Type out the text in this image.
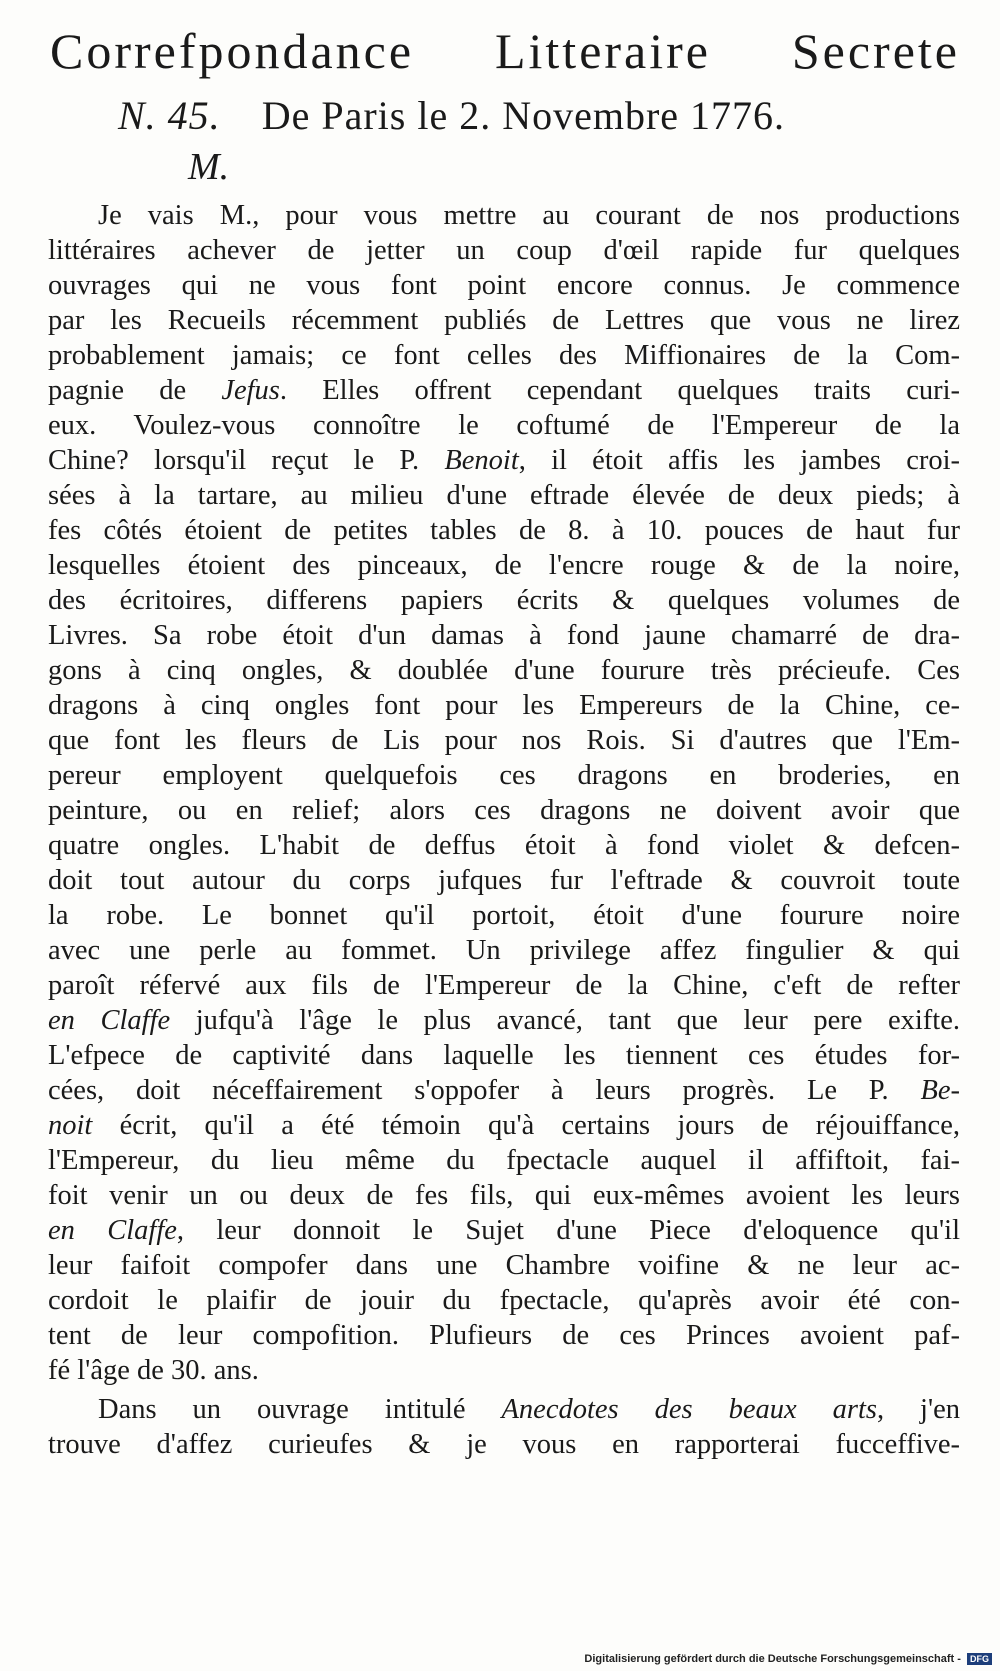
Correfpondance Litteraire Secrete
N. 45. De Paris le 2. Novembre 1776.
M.
Je vais M., pour vous mettre au courant de nos productions
littéraires achever de jetter un coup d'œil rapide fur quelques
ouvrages qui ne vous font point encore connus. Je commence
par les Recueils récemment publiés de Lettres que vous ne lirez
probablement jamais; ce font celles des Miffionaires de la Com-
pagnie de Jefus. Elles offrent cependant quelques traits curi-
eux. Voulez-vous connoître le coftumé de l'Empereur de la
Chine? lorsqu'il reçut le P. Benoit, il étoit affis les jambes croi-
sées à la tartare, au milieu d'une eftrade élevée de deux pieds; à
fes côtés étoient de petites tables de 8. à 10. pouces de haut fur
lesquelles étoient des pinceaux, de l'encre rouge & de la noire,
des écritoires, differens papiers écrits & quelques volumes de
Livres. Sa robe étoit d'un damas à fond jaune chamarré de dra-
gons à cinq ongles, & doublée d'une fourure très précieufe. Ces
dragons à cinq ongles font pour les Empereurs de la Chine, ce-
que font les fleurs de Lis pour nos Rois. Si d'autres que l'Em-
pereur employent quelquefois ces dragons en broderies, en
peinture, ou en relief; alors ces dragons ne doivent avoir que
quatre ongles. L'habit de deffus étoit à fond violet & defcen-
doit tout autour du corps jufques fur l'eftrade & couvroit toute
la robe. Le bonnet qu'il portoit, étoit d'une fourure noire
avec une perle au fommet. Un privilege affez fingulier & qui
paroît réfervé aux fils de l'Empereur de la Chine, c'eft de refter
en Claffe jufqu'à l'âge le plus avancé, tant que leur pere exifte.
L'efpece de captivité dans laquelle les tiennent ces études for-
cées, doit néceffairement s'oppofer à leurs progrès. Le P. Be-
noit écrit, qu'il a été témoin qu'à certains jours de réjouiffance,
l'Empereur, du lieu même du fpectacle auquel il affiftoit, fai-
foit venir un ou deux de fes fils, qui eux-mêmes avoient les leurs
en Claffe, leur donnoit le Sujet d'une Piece d'eloquence qu'il
leur faifoit compofer dans une Chambre voifine & ne leur ac-
cordoit le plaifir de jouir du fpectacle, qu'après avoir été con-
tent de leur compofition. Plufieurs de ces Princes avoient paf-
fé l'âge de 30. ans.
Dans un ouvrage intitulé Anecdotes des beaux arts, j'en
trouve d'affez curieufes & je vous en rapporterai fucceffive-
Digitalisierung gefördert durch die Deutsche Forschungsgemeinschaft - DFG
